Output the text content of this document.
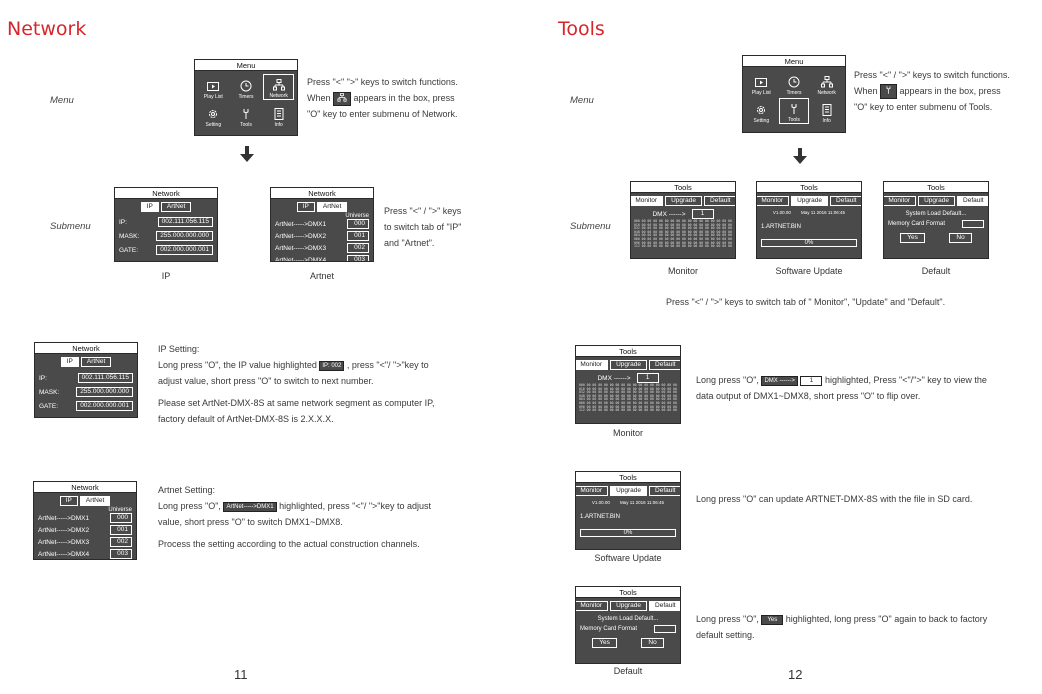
Network
Menu
Menu
Play List	Timers	Network
Setting	Tools	Info
Press "<" ">" keys to switch functions.
When	appears in the box, press
"O" key to enter submenu of Network.
Submenu
Network
IP	ArtNet
IP:	002.111.056.115
MASK:	255.000.000.000
GATE:	002.000.000.001
IP
Network
IP	ArtNet
Universe
ArtNet----->DMX1	000
ArtNet----->DMX2	001
ArtNet----->DMX3	002
ArtNet----->DMX4	003
Artnet
Press "<" / ">" keys
to switch tab of "IP"
and "Artnet".
Network
IP	ArtNet
IP:	002.111.056.115
MASK:	255.000.000.000
GATE:	002.000.000.001
IP Setting:
Long press "O", the IP value highlighted IP: 002 , press "<"/ ">"key to
adjust value, short press "O" to switch to next number.
Please set ArtNet-DMX-8S at same network segment as computer IP,
factory default of ArtNet-DMX-8S is 2.X.X.X.
Network
IP	ArtNet
Universe
ArtNet----->DMX1	000
ArtNet----->DMX2	001
ArtNet----->DMX3	002
ArtNet----->DMX4	003
Artnet Setting:
Long press "O", ArtNet----->DMX1 highlighted, press "<"/ ">"key to adjust
value, short press "O" to switch DMX1~DMX8.
Process the setting according to the actual construction channels.
11
Tools
Menu
Menu
Play List	Timers	Network
Setting	Tools	Info
Press "<" / ">" keys to switch functions.
When appears in the box, press
"O" key to enter submenu of Tools.
Submenu
Tools
Monitor	Upgrade	Default
DMX ------>	1
000 00 00 00 00 00 00 00 00 00 00 00 00 00 00 00 00
016 00 00 00 00 00 00 00 00 00 00 00 00 00 00 00 00
032 00 00 00 00 00 00 00 00 00 00 00 00 00 00 00 00
048 00 00 00 00 00 00 00 00 00 00 00 00 00 00 00 00
064 00 00 00 00 00 00 00 00 00 00 00 00 00 00 00 00
080 00 00 00 00 00 00 00 00 00 00 00 00 00 00 00 00
096 00 00 00 00 00 00 00 00 00 00 00 00 00 00 00 00
112 00 00 00 00 00 00 00 00 00 00 00 00 00 00 00 00
Monitor
Tools
Monitor	Upgrade	Default
V1.00.00 May 11 2016 11:06:45
1.ARTNET.BIN
0%
Software Update
Tools
Monitor	Upgrade	Default
System Load Default...
Memory Card Format
Yes	No
Default
Press "<" / ">" keys to switch tab of " Monitor", "Update" and "Default".
Tools
Monitor	Upgrade	Default
DMX ------>	1
000 00 00 00 00 00 00 00 00 00 00 00 00 00 00 00 00
016 00 00 00 00 00 00 00 00 00 00 00 00 00 00 00 00
032 00 00 00 00 00 00 00 00 00 00 00 00 00 00 00 00
048 00 00 00 00 00 00 00 00 00 00 00 00 00 00 00 00
064 00 00 00 00 00 00 00 00 00 00 00 00 00 00 00 00
080 00 00 00 00 00 00 00 00 00 00 00 00 00 00 00 00
096 00 00 00 00 00 00 00 00 00 00 00 00 00 00 00 00
112 00 00 00 00 00 00 00 00 00 00 00 00 00 00 00 00
Monitor
Long press "O", DMX ------> 1 highlighted, Press "<"/">" key to view the
data output of DMX1~DMX8, short press "O" to flip over.
Tools
Monitor	Upgrade	Default
V1.00.00 May 11 2016 11:06:45
1.ARTNET.BIN
0%
Software Update
Long press "O" can update ARTNET-DMX-8S with the file in SD card.
Tools
Monitor	Upgrade	Default
System Load Default...
Memory Card Format
Yes	No
Default
Long press "O", Yes highlighted, long press "O" again to back to factory
default setting.
12
